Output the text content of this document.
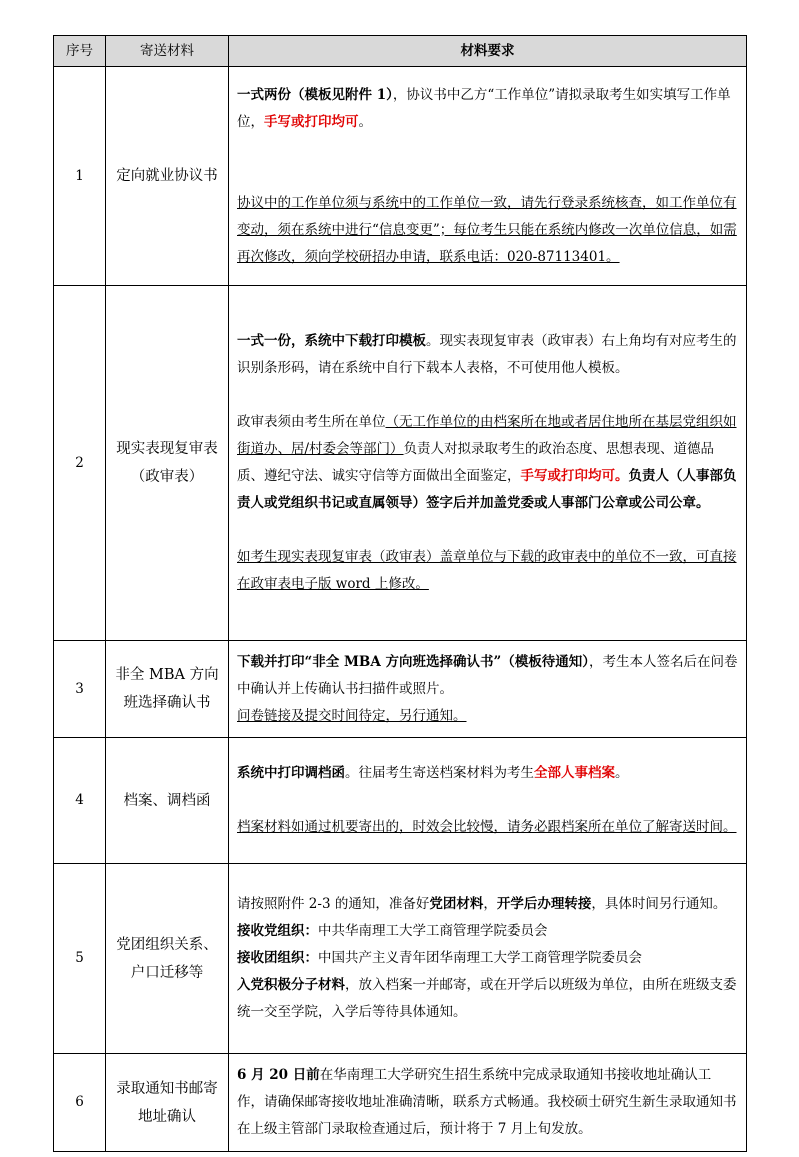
序号	寄送材料	材料要求
1	定向就业协议书	一式两份（模板见附件 1），协议书中乙方“工作单位”请拟录取考生如实填写工作单位，手写或打印均可。

协议中的工作单位须与系统中的工作单位一致，请先行登录系统核查，如工作单位有变动，须在系统中进行“信息变更”；每位考生只能在系统内修改一次单位信息，如需再次修改，须向学校研招办申请，联系电话：020-87113401。

2	现实表现复审表（政审表）	一式一份，系统中下载打印模板。现实表现复审表（政审表）右上角均有对应考生的识别条形码，请在系统中自行下载本人表格，不可使用他人模板。

政审表须由考生所在单位（无工作单位的由档案所在地或者居住地所在基层党组织如街道办、居/村委会等部门）负责人对拟录取考生的政治态度、思想表现、道德品质、遵纪守法、诚实守信等方面做出全面鉴定，手写或打印均可。负责人（人事部负责人或党组织书记或直属领导）签字后并加盖党委或人事部门公章或公司公章。

如考生现实表现复审表（政审表）盖章单位与下载的政审表中的单位不一致，可直接在政审表电子版 word 上修改。

3	非全 MBA 方向班选择确认书	下载并打印“非全 MBA 方向班选择确认书”（模板待通知），考生本人签名后在问卷中确认并上传确认书扫描件或照片。

问卷链接及提交时间待定，另行通知。

4	档案、调档函	系统中打印调档函。往届考生寄送档案材料为考生全部人事档案。

档案材料如通过机要寄出的，时效会比较慢，请务必跟档案所在单位了解寄送时间。

5	党团组织关系、户口迁移等	请按照附件 2-3 的通知，准备好党团材料，开学后办理转接，具体时间另行通知。

接收党组织：中共华南理工大学工商管理学院委员会

接收团组织：中国共产主义青年团华南理工大学工商管理学院委员会

入党积极分子材料，放入档案一并邮寄，或在开学后以班级为单位，由所在班级支委统一交至学院，入学后等待具体通知。

6	录取通知书邮寄地址确认	6 月 20 日前在华南理工大学研究生招生系统中完成录取通知书接收地址确认工作，请确保邮寄接收地址准确清晰，联系方式畅通。我校硕士研究生新生录取通知书在上级主管部门录取检查通过后，预计将于 7 月上旬发放。
